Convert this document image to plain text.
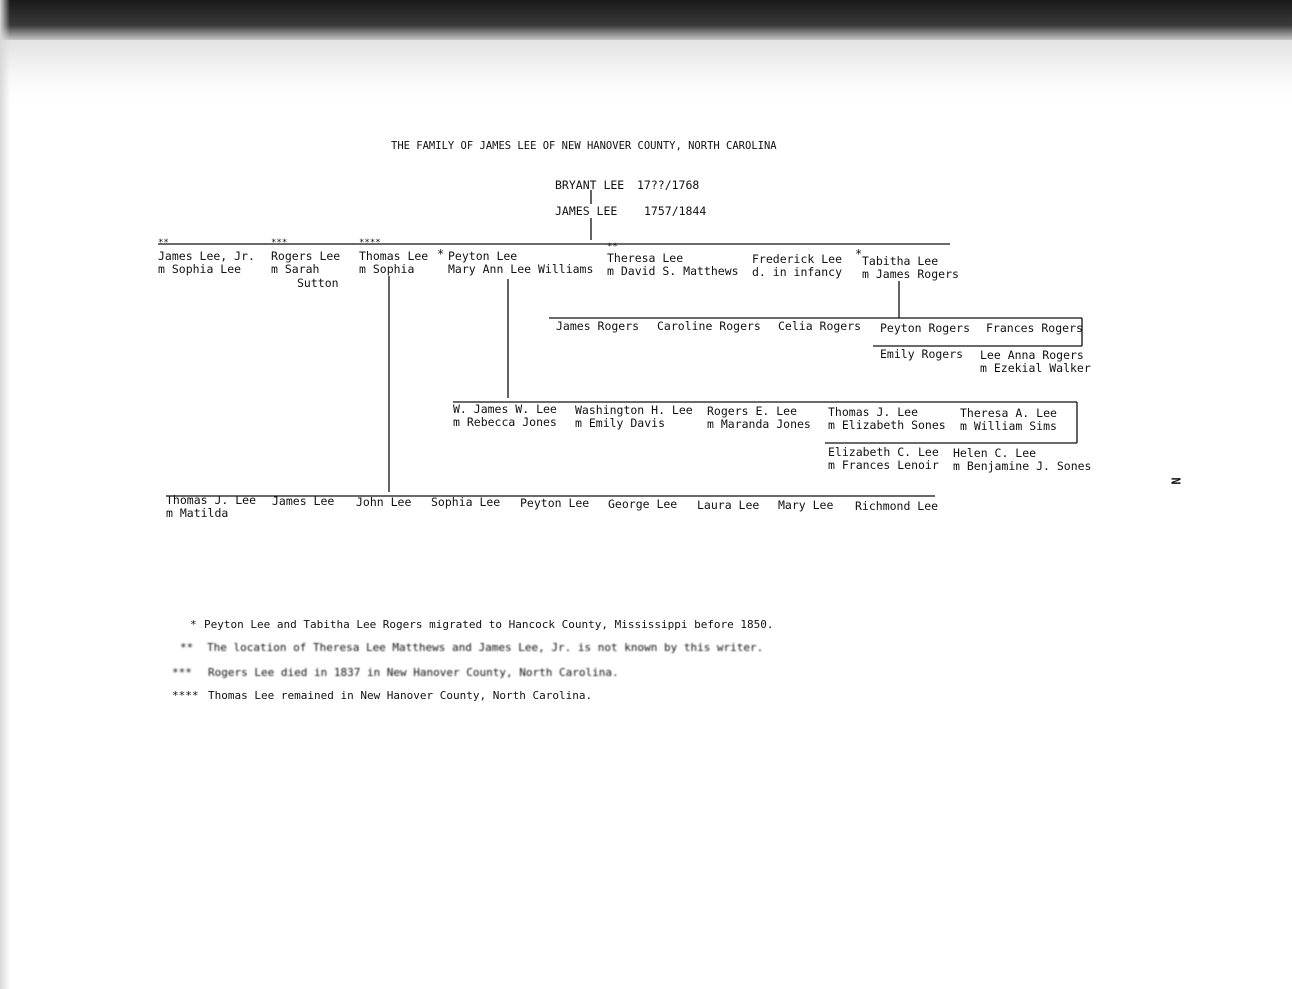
THE FAMILY OF JAMES LEE OF NEW HANOVER COUNTY, NORTH CAROLINA
BRYANT LEE 17??/1768
JAMES LEE 1757/1844
**
James Lee, Jr.
m Sophia Lee
***
Rogers Lee
m Sarah
Sutton
****
Thomas Lee
m Sophia
* Peyton Lee
Mary Ann Lee Williams
**
Theresa Lee
m David S. Matthews
Frederick Lee
d. in infancy
* Tabitha Lee
m James Rogers
James Rogers Caroline Rogers Celia Rogers Peyton Rogers Frances Rogers
Emily Rogers Lee Anna Rogers
m Ezekial Walker
W. James W. Lee
m Rebecca Jones
Washington H. Lee
m Emily Davis
Rogers E. Lee
m Maranda Jones
Thomas J. Lee
m Elizabeth Sones
Theresa A. Lee
m William Sims
Elizabeth C. Lee
m Frances Lenoir
Helen C. Lee
m Benjamine J. Sones
Thomas J. Lee
m Matilda
James Lee John Lee Sophia Lee Peyton Lee George Lee Laura Lee Mary Lee Richmond Lee
* Peyton Lee and Tabitha Lee Rogers migrated to Hancock County, Mississippi before 1850.
** The location of Theresa Lee Matthews and James Lee, Jr. is not known by this writer.
*** Rogers Lee died in 1837 in New Hanover County, North Carolina.
**** Thomas Lee remained in New Hanover County, North Carolina.
N
